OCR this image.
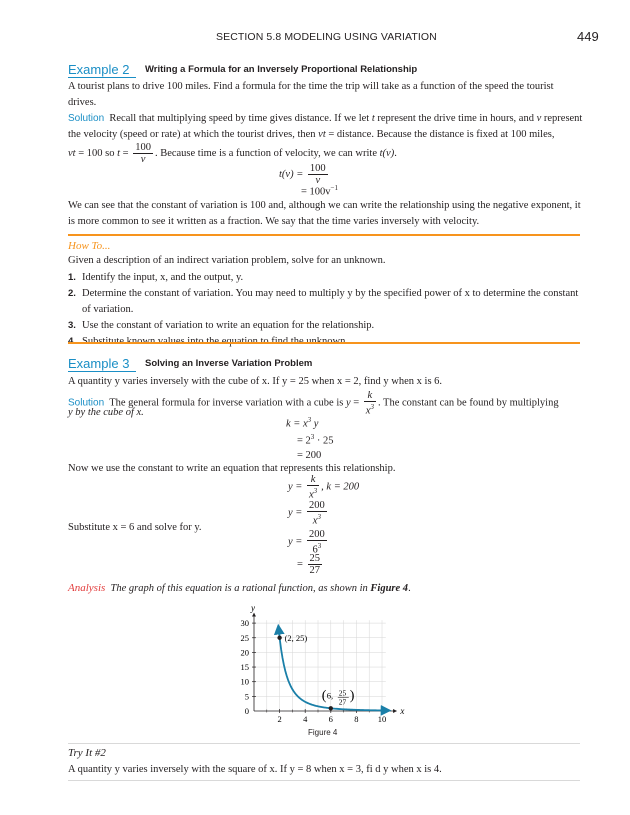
SECTION 5.8 MODELING USING VARIATION	449
Example 2	Writing a Formula for an Inversely Proportional Relationship
A tourist plans to drive 100 miles. Find a formula for the time the trip will take as a function of the speed the tourist drives.
Solution Recall that multiplying speed by time gives distance. If we let t represent the drive time in hours, and v represent
the velocity (speed or rate) at which the tourist drives, then vt = distance. Because the distance is fixed at 100 miles,
vt = 100 so $t = \frac{100}{v}$ . Because time is a function of velocity, we can write t(v).
$t(v) = \frac{100}{v}$
= $100v^{-1}$
We can see that the constant of variation is 100 and, although we can write the relationship using the negative exponent, it is more common to see it written as a fraction. We say that the time varies inversely with velocity.
How To...
Given a description of an indirect variation problem, solve for an unknown.
1. Identify the input, x, and the output, y.
2. Determine the constant of variation. You may need to multiply y by the specified power of x to determine the constant of variation.
3. Use the constant of variation to write an equation for the relationship.
Example 3	Solving an Inverse Variation Problem
A quantity y varies inversely with the cube of x. If y = 25 when x = 2, find y when x is 6.
Solution The general formula for inverse variation with a cube is $y = \frac{k}{x^3}$ . The constant can be found by multiplying
y by the cube of x.
$k = x^3$ y
= $2^3 \cdot 25$
= 200
Now we use the constant to write an equation that represents this relationship.
$y = \frac{k}{x^3}$ , k = 200
$y = \frac{200}{x^3}$
Substitute x = 6 and solve for y.
$y = \frac{200}{6^3}$
= $\frac{25}{27}$
Analysis The graph of this equation is a rational function, as shown in Figure 4.
2	4	6	8 10
0
5
10
15
20
25
30
x
y
(2, 25)
( 6, 25
27 )
Figure 4
Try It #2
A quantity y varies inversely with the square of x. If y = 8 when x = 3, fi d y when x is 4.
